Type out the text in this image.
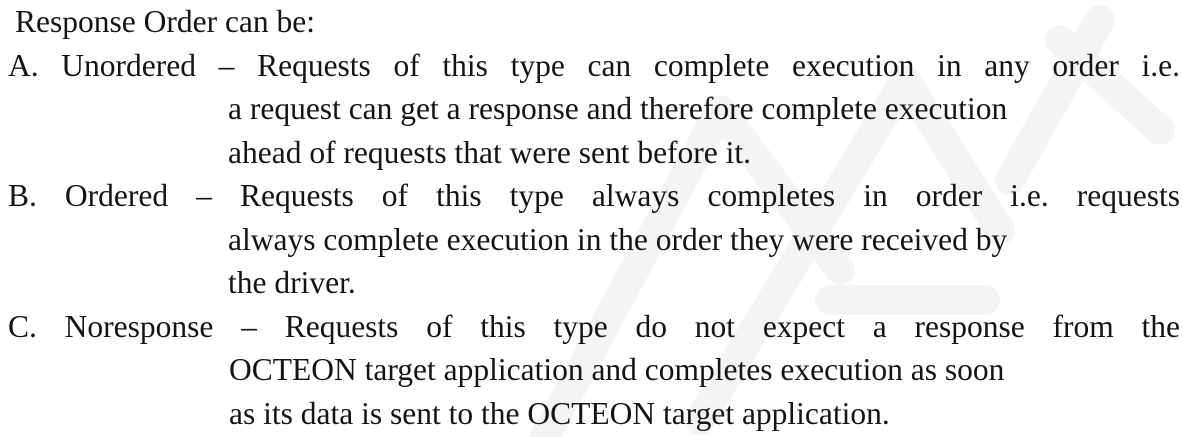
Response Order can be:
A. Unordered – Requests of this type can complete execution in any order i.e.
a request can get a response and therefore complete execution
ahead of requests that were sent before it.
B. Ordered – Requests of this type always completes in order i.e. requests
always complete execution in the order they were received by
the driver.
C. Noresponse – Requests of this type do not expect a response from the
OCTEON target application and completes execution as soon
as its data is sent to the OCTEON target application.
